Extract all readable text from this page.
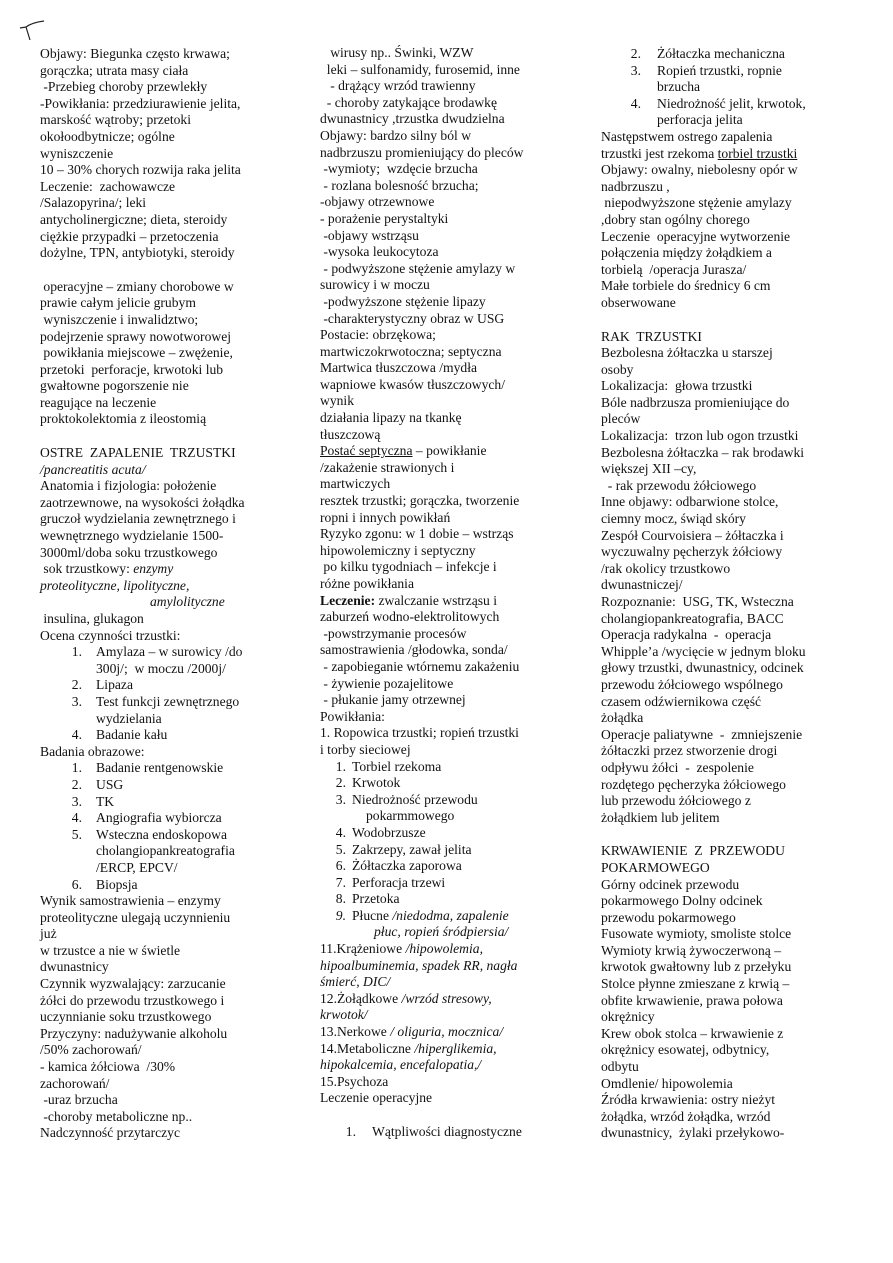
Objawy: Biegunka często krwawa;
gorączka; utrata masy ciała
-Przebieg choroby przewlekły
-Powikłania: przedziurawienie jelita,
marskość wątroby; przetoki
okołoodbytnicze; ogólne
wyniszczenie
10 – 30% chorych rozwija raka jelita
Leczenie:  zachowawcze
/Salazopyrina/; leki
antycholinergiczne; dieta, steroidy
ciężkie przypadki – przetoczenia
dożylne, TPN, antybiotyki, steroidy
operacyjne – zmiany chorobowe w
prawie całym jelicie grubym
wyniszczenie i inwalidztwo;
podejrzenie sprawy nowotworowej
powikłania miejscowe – zwężenie,
przetoki  perforacje, krwotoki lub
gwałtowne pogorszenie nie
reagujące na leczenie
proktokolektomia z ileostomią
OSTRE  ZAPALENIE  TRZUSTKI
/pancreatitis acuta/
Anatomia i fizjologia: położenie
zaotrzewnowe, na wysokości żołądka
gruczoł wydzielania zewnętrznego i
wewnętrznego wydzielanie 1500-
3000ml/doba soku trzustkowego
sok trzustkowy: enzymy
proteolityczne, lipolityczne,
amylolityczne
insulina, glukagon
Ocena czynności trzustki:
1. Amylaza – w surowicy /do
300j/;  w moczu /2000j/
2. Lipaza
3. Test funkcji zewnętrznego
wydzielania
4. Badanie kału
Badania obrazowe:
1. Badanie rentgenowskie
2. USG
3. TK
4. Angiografia wybiorcza
5. Wsteczna endoskopowa
cholangiopankreatografia
/ERCP, EPCV/
6. Biopsja
Wynik samostrawienia – enzymy
proteolityczne ulegają uczynnieniu
już
w trzustce a nie w świetle
dwunastnicy
Czynnik wyzwalający: zarzucanie
żółci do przewodu trzustkowego i
uczynnianie soku trzustkowego
Przyczyny: nadużywanie alkoholu
/50% zachorowań/
- kamica żółciowa  /30%
zachorowań/
-uraz brzucha
-choroby metaboliczne np..
Nadczynność przytarczyc
wirusy np.. Świnki, WZW
leki – sulfonamidy, furosemid, inne
- drążący wrzód trawienny
- choroby zatykające brodawkę
dwunastnicy ,trzustka dwudzielna
Objawy: bardzo silny ból w
nadbrzuszu promieniujący do pleców
-wymioty;  wzdęcie brzucha
- rozlana bolesność brzucha;
-objawy otrzewnowe
- porażenie perystaltyki
-objawy wstrząsu
-wysoka leukocytoza
- podwyższone stężenie amylazy w
surowicy i w moczu
-podwyższone stężenie lipazy
-charakterystyczny obraz w USG
Postacie: obrzękowa;
martwiczokrwotoczna; septyczna
Martwica tłuszczowa /mydła
wapniowe kwasów tłuszczowych/
wynik
działania lipazy na tkankę
tłuszczową
Postać septyczna – powikłanie
/zakażenie strawionych i
martwiczych
resztek trzustki; gorączka, tworzenie
ropni i innych powikłań
Ryzyko zgonu: w 1 dobie – wstrząs
hipowolemiczny i septyczny
po kilku tygodniach – infekcje i
różne powikłania
Leczenie: zwalczanie wstrząsu i
zaburzeń wodno-elektrolitowych
-powstrzymanie procesów
samostrawienia /głodowka, sonda/
- zapobieganie wtórnemu zakażeniu
- żywienie pozajelitowe
- płukanie jamy otrzewnej
Powikłania:
1. Ropowica trzustki; ropień trzustki
i torby sieciowej
1. Torbiel rzekoma
2. Krwotok
3. Niedrożność przewodu
pokarmmowego
4. Wodobrzusze
5. Zakrzepy, zawał jelita
6. Żółtaczka zaporowa
7. Perforacja trzewi
8. Przetoka
9. Płucne /niedodma, zapalenie
płuc, ropień śródpiersia/
11.Krążeniowe /hipowolemia,
hipoalbuminemia, spadek RR, nagła
śmierć, DIC/
12.Żołądkowe /wrzód stresowy,
krwotok/
13.Nerkowe / oliguria, mocznica/
14.Metaboliczne /hiperglikemia,
hipokalcemia, encefalopatia,/
15.Psychoza
Leczenie operacyjne
1. Wątpliwości diagnostyczne
2. Żółtaczka mechaniczna
3. Ropień trzustki, ropnie
brzucha
4. Niedrożność jelit, krwotok,
perforacja jelita
Następstwem ostrego zapalenia
trzustki jest rzekoma torbiel trzustki
Objawy: owalny, niebolesny opór w
nadbrzuszu ,
niepodwyższone stężenie amylazy
,dobry stan ogólny chorego
Leczenie  operacyjne wytworzenie
połączenia między żołądkiem a
torbielą  /operacja Jurasza/
Małe torbiele do średnicy 6 cm
obserwowane
RAK  TRZUSTKI
Bezbolesna żółtaczka u starszej
osoby
Lokalizacja:  głowa trzustki
Bóle nadbrzusza promieniujące do
pleców
Lokalizacja:  trzon lub ogon trzustki
Bezbolesna żółtaczka – rak brodawki
większej XII –cy,
- rak przewodu żółciowego
Inne objawy: odbarwione stolce,
ciemny mocz, świąd skóry
Zespół Courvoisiera – żółtaczka i
wyczuwalny pęcherzyk żółciowy
/rak okolicy trzustkowo
dwunastniczej/
Rozpoznanie:  USG, TK, Wsteczna
cholangiopankreatografia, BACC
Operacja radykalna  -  operacja
Whipple’a /wycięcie w jednym bloku
głowy trzustki, dwunastnicy, odcinek
przewodu żółciowego wspólnego
czasem odźwiernikowa część
żołądka
Operacje paliatywne  -  zmniejszenie
żółtaczki przez stworzenie drogi
odpływu żółci  -  zespolenie
rozdętego pęcherzyka żółciowego
lub przewodu żółciowego z
żołądkiem lub jelitem
KRWAWIENIE  Z  PRZEWODU
POKARMOWEGO
Górny odcinek przewodu
pokarmowego Dolny odcinek
przewodu pokarmowego
Fusowate wymioty, smoliste stolce
Wymioty krwią żywoczerwoną –
krwotok gwałtowny lub z przełyku
Stolce płynne zmieszane z krwią –
obfite krwawienie, prawa połowa
okrężnicy
Krew obok stolca – krwawienie z
okrężnicy esowatej, odbytnicy,
odbytu
Omdlenie/ hipowolemia
Źródła krwawienia: ostry nieżyt
żołądka, wrzód żołądka, wrzód
dwunastnicy,  żylaki przełykowo-
